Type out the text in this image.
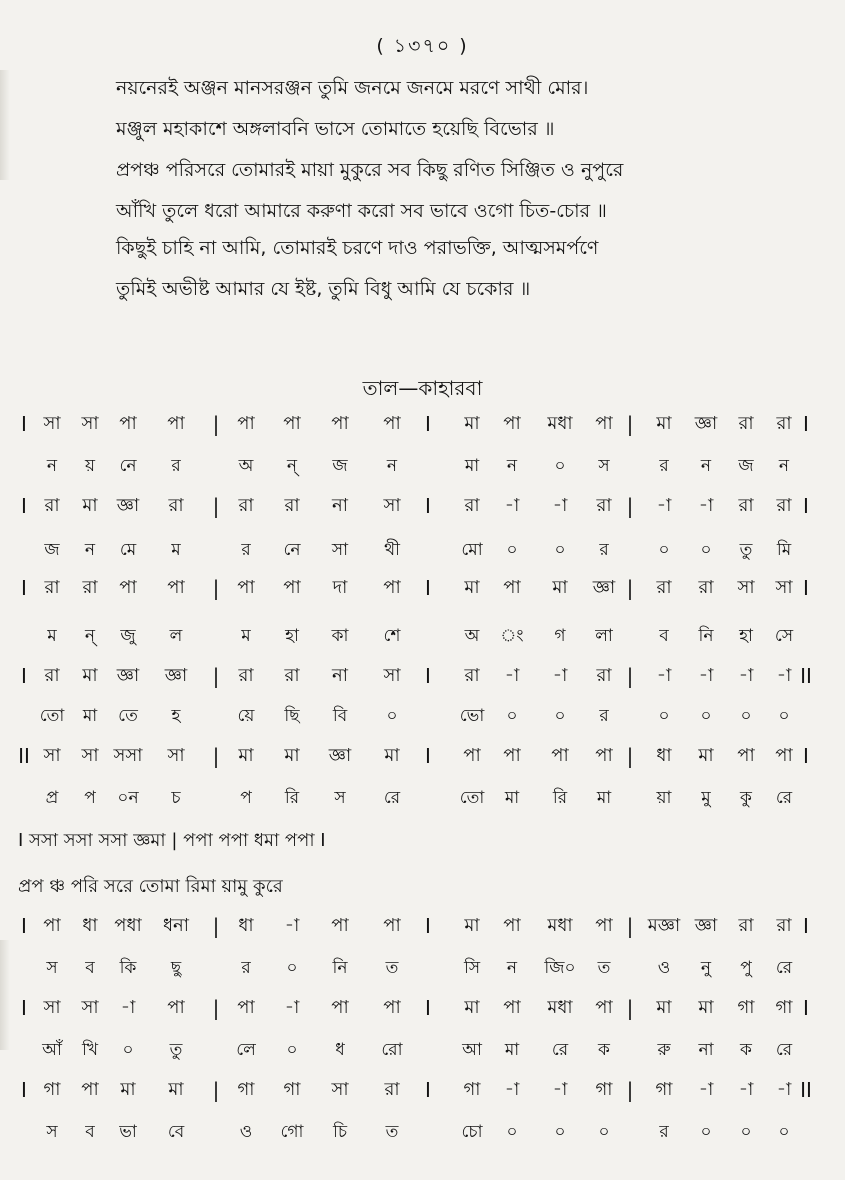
( ১৩৭০ )
নয়নেরই অঞ্জন মানসরঞ্জন তুমি জনমে জনমে মরণে সাথী মোর।
মঞ্জুল মহাকাশে অঙ্গলাবনি ভাসে তোমাতে হয়েছি বিভোর ॥
প্রপঞ্চ পরিসরে তোমারই মায়া মুকুরে সব কিছু রণিত সিঞ্জিত ও নুপুরে
আঁখি তুলে ধরো আমারে করুণা করো সব ভাবে ওগো চিত-চোর ॥
কিছুই চাহি না আমি, তোমারই চরণে দাও পরাভক্তি, আত্মসমর্পণে
তুমিই অভীষ্ট আমার যে ইষ্ট, তুমি বিধু আমি যে চকোর ॥
তাল—কাহারবা
I সা সা পা পা | পা পা পা পা I মা পা মধা পা | মা জ্ঞা রা রা I
ন য় নে র	অ ন্ জ ন	মা ন ০ স	র ন জ ন
I রা মা জ্ঞা রা | রা রা না সা I রা -া -া রা | -া -া রা রা I
জ ন মে ম	র নে সা থী	মো ০ ০ র	০ ০ তু মি
I রা রা পা পা | পা পা দা পা I মা পা মা জ্ঞা | রা রা সা সা I
ম ন্ জু ল	ম হা কা শে	অ ং গ লা	ব নি হা সে
I রা মা জ্ঞা জ্ঞা | রা রা না সা I রা -া -া রা | -া -া -া -া II
তো মা তে হ	য়ে ছি বি ০	ভো ০ ০ র	০ ০ ০ ০
II সা সা সসা সা | মা মা জ্ঞা মা I পা পা পা পা | ধা মা পা পা I
প্র প ০ন চ	প রি স রে	তো মা রি মা	য়া মু কু রে
I সসা সসা সসা জ্ঞমা | পপা পপা ধমা পপা I
প্রপ ঞ্চ পরি সরে তোমা রিমা য়ামু কুরে
I পা ধা পধা ধনা | ধা -া পা পা I মা পা মধা পা | মজ্ঞা জ্ঞা রা রা I
স ব কি ছু	র ০ নি ত	সি ন জি০ ত	ও নু পু রে
I সা সা -া পা | পা -া পা পা I মা পা মধা পা | মা মা গা গা I
আঁ খি ০ তু	লে ০ ধ রো	আ মা রে ক	রু না ক রে
I গা পা মা মা | গা গা সা রা I গা -া -া গা | গা -া -া -া II
স ব ভা বে	ও গো চি ত	চো ০ ০ ০	র ০ ০ ০
